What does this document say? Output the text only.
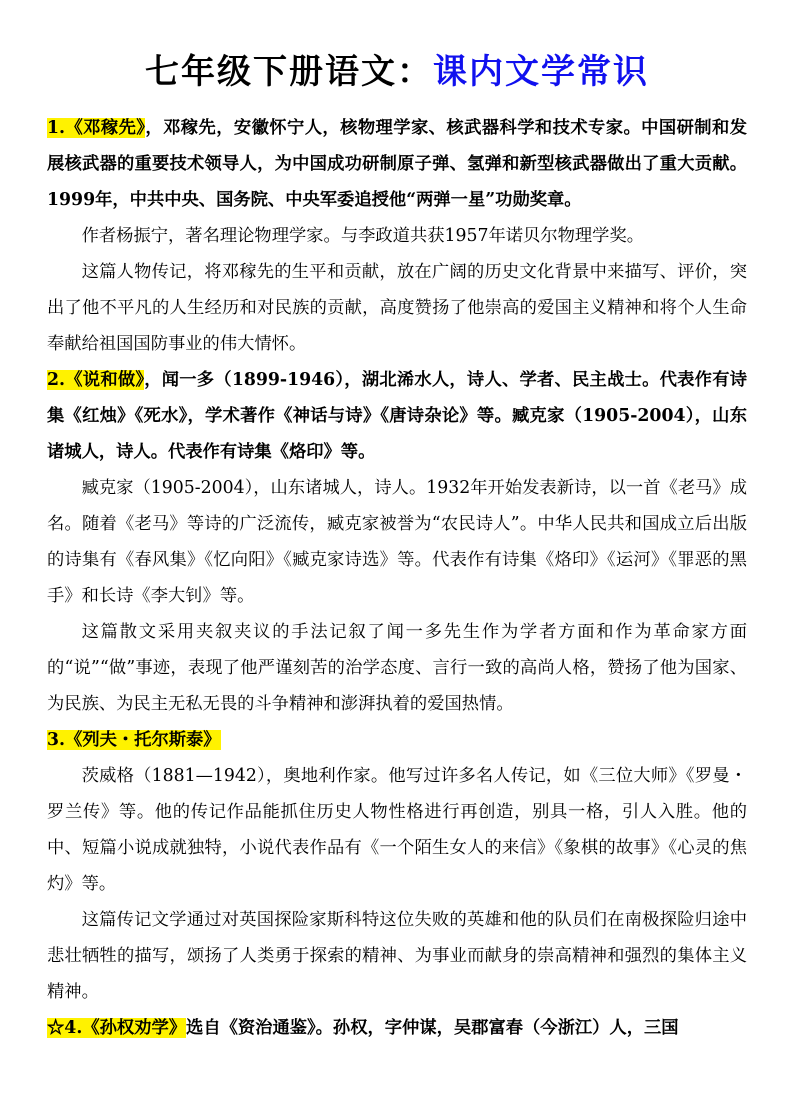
七年级下册语文：课内文学常识

1.《邓稼先》，邓稼先，安徽怀宁人，核物理学家、核武器科学和技术专家。中国研制和发展核武器的重要技术领导人，为中国成功研制原子弹、氢弹和新型核武器做出了重大贡献。1999年，中共中央、国务院、中央军委追授他“两弹一星”功勋奖章。

作者杨振宁，著名理论物理学家。与李政道共获1957年诺贝尔物理学奖。

这篇人物传记，将邓稼先的生平和贡献，放在广阔的历史文化背景中来描写、评价，突出了他不平凡的人生经历和对民族的贡献，高度赞扬了他崇高的爱国主义精神和将个人生命奉献给祖国国防事业的伟大情怀。

2.《说和做》，闻一多（1899-1946），湖北浠水人，诗人、学者、民主战士。代表作有诗集《红烛》《死水》，学术著作《神话与诗》《唐诗杂论》等。臧克家（1905-2004），山东诸城人，诗人。代表作有诗集《烙印》等。

臧克家（1905-2004），山东诸城人，诗人。1932年开始发表新诗，以一首《老马》成名。随着《老马》等诗的广泛流传，臧克家被誉为“农民诗人”。中华人民共和国成立后出版的诗集有《春风集》《忆向阳》《臧克家诗选》等。代表作有诗集《烙印》《运河》《罪恶的黑手》和长诗《李大钊》等。

这篇散文采用夹叙夹议的手法记叙了闻一多先生作为学者方面和作为革命家方面的“说”“做”事迹，表现了他严谨刻苦的治学态度、言行一致的高尚人格，赞扬了他为国家、为民族、为民主无私无畏的斗争精神和澎湃执着的爱国热情。

3.《列夫・托尔斯泰》

茨威格（1881—1942），奥地利作家。他写过许多名人传记，如《三位大师》《罗曼・罗兰传》等。他的传记作品能抓住历史人物性格进行再创造，别具一格，引人入胜。他的中、短篇小说成就独特，小说代表作品有《一个陌生女人的来信》《象棋的故事》《心灵的焦灼》等。

这篇传记文学通过对英国探险家斯科特这位失败的英雄和他的队员们在南极探险归途中悲壮牺牲的描写，颂扬了人类勇于探索的精神、为事业而献身的崇高精神和强烈的集体主义精神。

☆4.《孙权劝学》选自《资治通鉴》。孙权，字仲谋，吴郡富春（今浙江）人，三国
